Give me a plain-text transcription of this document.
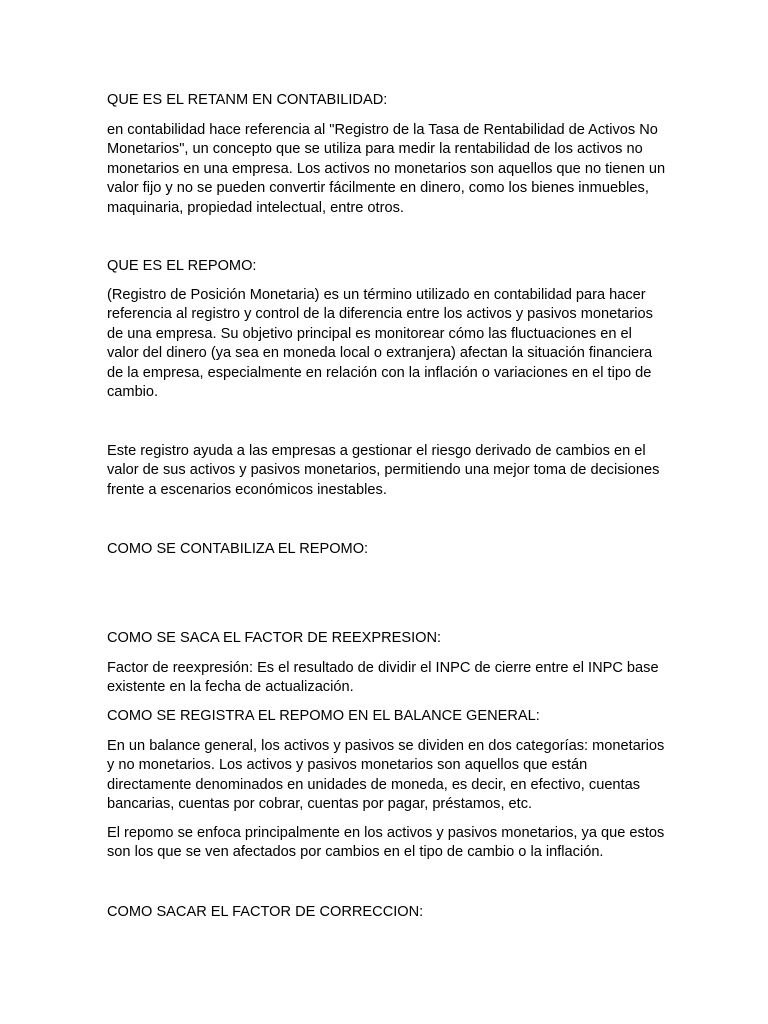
QUE ES EL RETANM EN CONTABILIDAD:

en contabilidad hace referencia al "Registro de la Tasa de Rentabilidad de Activos No Monetarios", un concepto que se utiliza para medir la rentabilidad de los activos no monetarios en una empresa. Los activos no monetarios son aquellos que no tienen un valor fijo y no se pueden convertir fácilmente en dinero, como los bienes inmuebles, maquinaria, propiedad intelectual, entre otros.

QUE ES EL REPOMO:

(Registro de Posición Monetaria) es un término utilizado en contabilidad para hacer referencia al registro y control de la diferencia entre los activos y pasivos monetarios de una empresa. Su objetivo principal es monitorear cómo las fluctuaciones en el valor del dinero (ya sea en moneda local o extranjera) afectan la situación financiera de la empresa, especialmente en relación con la inflación o variaciones en el tipo de cambio.

Este registro ayuda a las empresas a gestionar el riesgo derivado de cambios en el valor de sus activos y pasivos monetarios, permitiendo una mejor toma de decisiones frente a escenarios económicos inestables.

COMO SE CONTABILIZA EL REPOMO:

COMO SE SACA EL FACTOR DE REEXPRESION:

Factor de reexpresión: Es el resultado de dividir el INPC de cierre entre el INPC base existente en la fecha de actualización.

COMO SE REGISTRA EL REPOMO EN EL BALANCE GENERAL:

En un balance general, los activos y pasivos se dividen en dos categorías: monetarios y no monetarios. Los activos y pasivos monetarios son aquellos que están directamente denominados en unidades de moneda, es decir, en efectivo, cuentas bancarias, cuentas por cobrar, cuentas por pagar, préstamos, etc.

El repomo se enfoca principalmente en los activos y pasivos monetarios, ya que estos son los que se ven afectados por cambios en el tipo de cambio o la inflación.

COMO SACAR EL FACTOR DE CORRECCION:
